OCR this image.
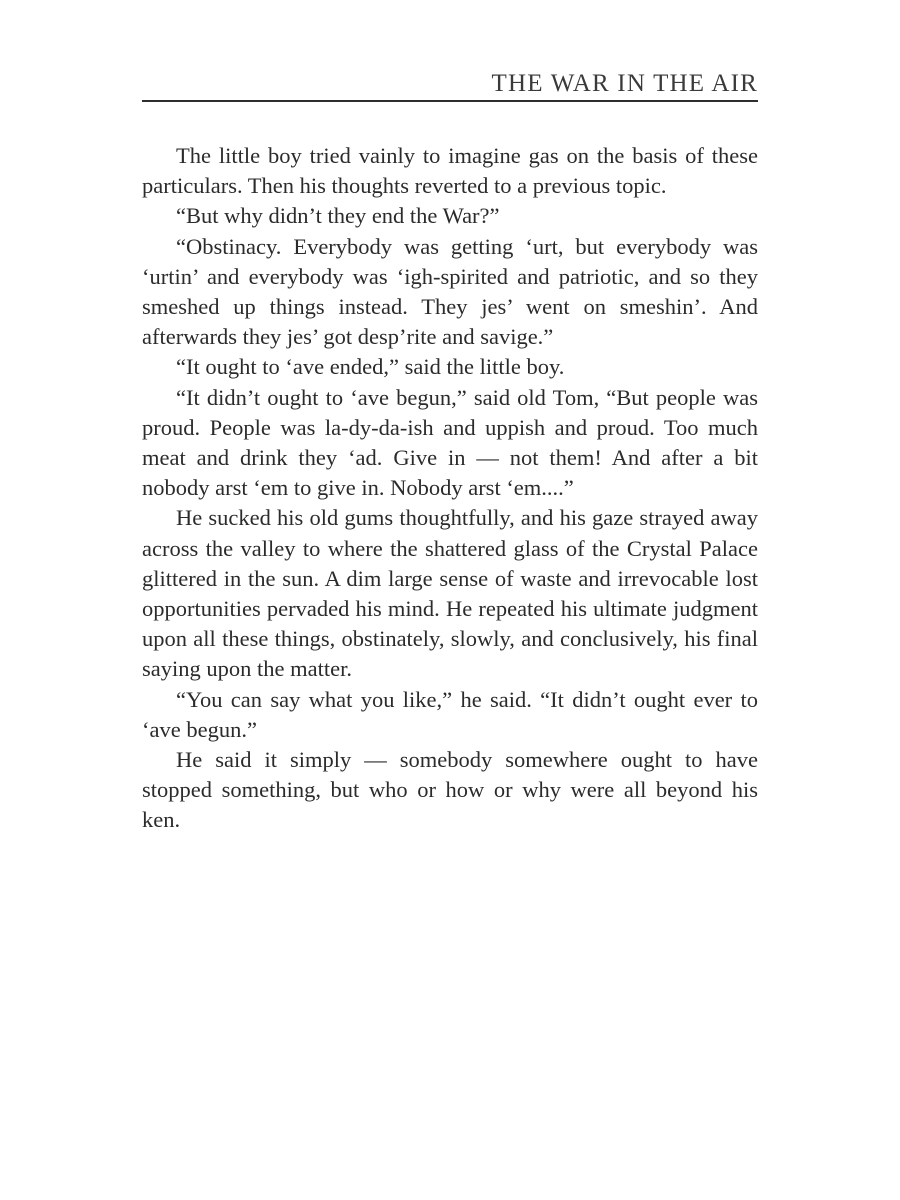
THE WAR IN THE AIR

The little boy tried vainly to imagine gas on the basis of these particulars. Then his thoughts reverted to a previous topic.

“But why didn’t they end the War?”

“Obstinacy. Everybody was getting ‘urt, but everybody was ‘urtin’ and everybody was ‘igh-spirited and patriotic, and so they smeshed up things instead. They jes’ went on smeshin’. And afterwards they jes’ got desp’rite and savige.”

“It ought to ‘ave ended,” said the little boy.

“It didn’t ought to ‘ave begun,” said old Tom, “But people was proud. People was la-dy-da-ish and uppish and proud. Too much meat and drink they ‘ad. Give in — not them! And after a bit nobody arst ‘em to give in. Nobody arst ‘em....”

He sucked his old gums thoughtfully, and his gaze strayed away across the valley to where the shattered glass of the Crystal Palace glittered in the sun. A dim large sense of waste and irrevocable lost opportunities pervaded his mind. He repeated his ultimate judgment upon all these things, obstinately, slowly, and conclusively, his final saying upon the matter.

“You can say what you like,” he said. “It didn’t ought ever to ‘ave begun.”

He said it simply — somebody somewhere ought to have stopped something, but who or how or why were all beyond his ken.
